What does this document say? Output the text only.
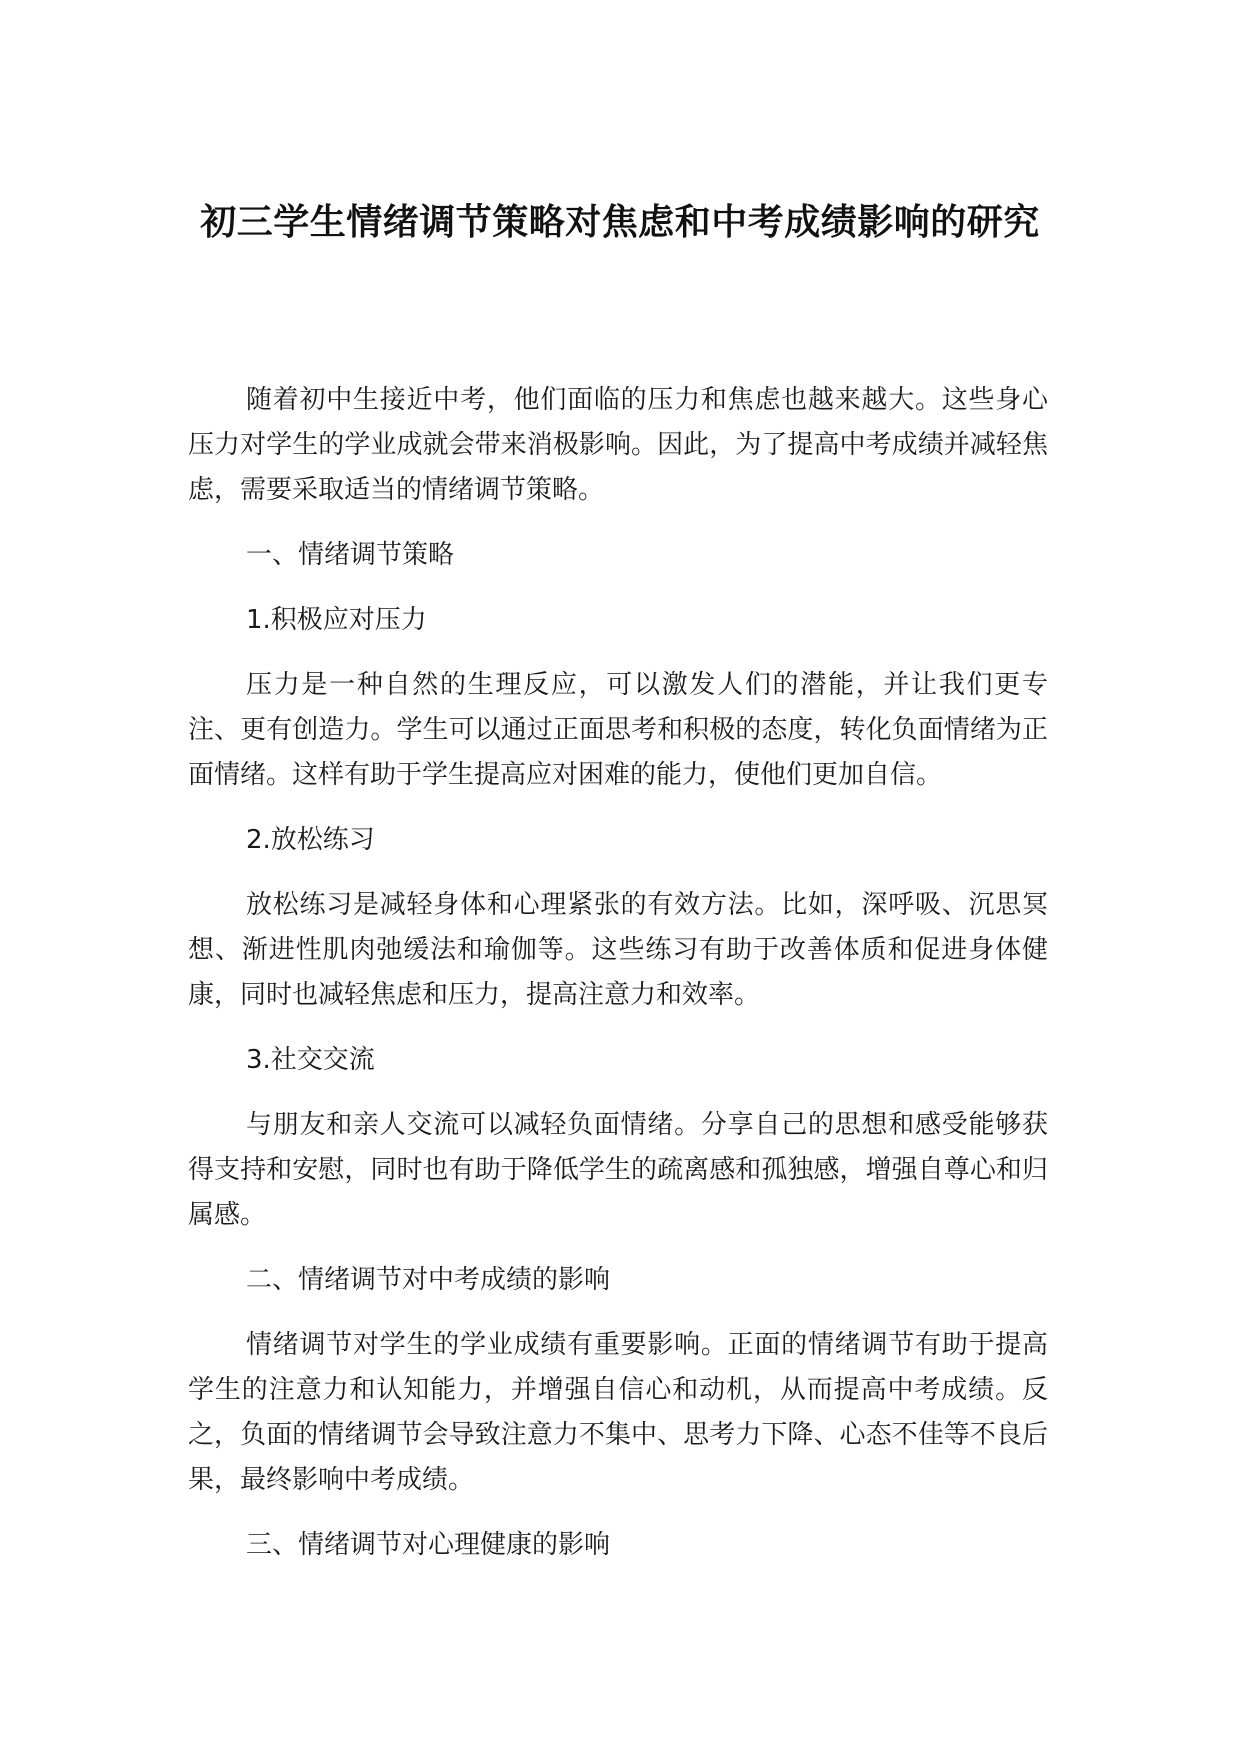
初三学生情绪调节策略对焦虑和中考成绩影响的研究

随着初中生接近中考，他们面临的压力和焦虑也越来越大。这些身心压力对学生的学业成就会带来消极影响。因此，为了提高中考成绩并减轻焦虑，需要采取适当的情绪调节策略。

一、情绪调节策略

1.积极应对压力

压力是一种自然的生理反应，可以激发人们的潜能，并让我们更专注、更有创造力。学生可以通过正面思考和积极的态度，转化负面情绪为正面情绪。这样有助于学生提高应对困难的能力，使他们更加自信。

2.放松练习

放松练习是减轻身体和心理紧张的有效方法。比如，深呼吸、沉思冥想、渐进性肌肉弛缓法和瑜伽等。这些练习有助于改善体质和促进身体健康，同时也减轻焦虑和压力，提高注意力和效率。

3.社交交流

与朋友和亲人交流可以减轻负面情绪。分享自己的思想和感受能够获得支持和安慰，同时也有助于降低学生的疏离感和孤独感，增强自尊心和归属感。

二、情绪调节对中考成绩的影响

情绪调节对学生的学业成绩有重要影响。正面的情绪调节有助于提高学生的注意力和认知能力，并增强自信心和动机，从而提高中考成绩。反之，负面的情绪调节会导致注意力不集中、思考力下降、心态不佳等不良后果，最终影响中考成绩。

三、情绪调节对心理健康的影响
